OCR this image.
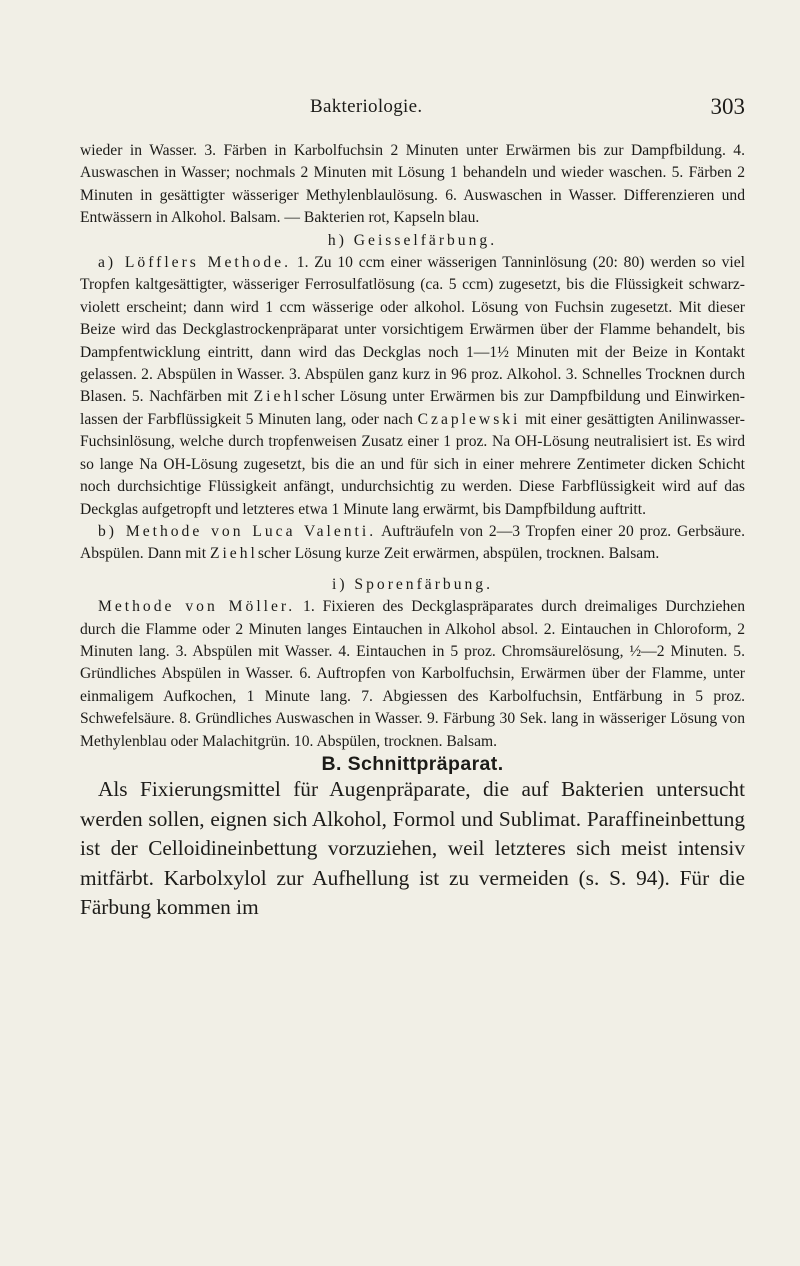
Bakteriologie.	303

wieder in Wasser. 3. Färben in Karbolfuchsin 2 Minuten unter Erwärmen bis zur Dampfbildung. 4. Auswaschen in Wasser; nochmals 2 Minuten mit Lösung 1 behandeln und wieder waschen. 5. Färben 2 Minuten in gesättigter wässeriger Methylenblaulösung. 6. Auswaschen in Wasser. Differenzieren und Entwässern in Alkohol. Balsam. — Bakterien rot, Kapseln blau.

h) Geisselfärbung.

a) Löfflers Methode. 1. Zu 10 ccm einer wässerigen Tanninlösung (20: 80) werden so viel Tropfen kaltgesättigter, wässeriger Ferrosulfatlösung (ca. 5 ccm) zugesetzt, bis die Flüssigkeit schwarz-violett erscheint; dann wird 1 ccm wässerige oder alkohol. Lösung von Fuchsin zugesetzt. Mit dieser Beize wird das Deckglastrockenpräparat unter vorsichtigem Erwärmen über der Flamme behandelt, bis Dampfentwicklung eintritt, dann wird das Deckglas noch 1—1½ Minuten mit der Beize in Kontakt gelassen. 2. Abspülen in Wasser. 3. Abspülen ganz kurz in 96 proz. Alkohol. 3. Schnelles Trocknen durch Blasen. 5. Nachfärben mit Ziehlscher Lösung unter Erwärmen bis zur Dampfbildung und Einwirkenlassen der Farbflüssigkeit 5 Minuten lang, oder nach Czaplewski mit einer gesättigten Anilinwasser-Fuchsinlösung, welche durch tropfenweisen Zusatz einer 1 proz. Na OH-Lösung neutralisiert ist. Es wird so lange Na OH-Lösung zugesetzt, bis die an und für sich in einer mehrere Zentimeter dicken Schicht noch durchsichtige Flüssigkeit anfängt, undurchsichtig zu werden. Diese Farbflüssigkeit wird auf das Deckglas aufgetropft und letzteres etwa 1 Minute lang erwärmt, bis Dampfbildung auftritt.

b) Methode von Luca Valenti. Aufträufeln von 2—3 Tropfen einer 20 proz. Gerbsäure. Abspülen. Dann mit Ziehlscher Lösung kurze Zeit erwärmen, abspülen, trocknen. Balsam.

i) Sporenfärbung.

Methode von Möller. 1. Fixieren des Deckglaspräparates durch dreimaliges Durchziehen durch die Flamme oder 2 Minuten langes Eintauchen in Alkohol absol. 2. Eintauchen in Chloroform, 2 Minuten lang. 3. Abspülen mit Wasser. 4. Eintauchen in 5 proz. Chromsäurelösung, ½—2 Minuten. 5. Gründliches Abspülen in Wasser. 6. Auftropfen von Karbolfuchsin, Erwärmen über der Flamme, unter einmaligem Aufkochen, 1 Minute lang. 7. Abgiessen des Karbolfuchsin, Entfärbung in 5 proz. Schwefelsäure. 8. Gründliches Auswaschen in Wasser. 9. Färbung 30 Sek. lang in wässeriger Lösung von Methylenblau oder Malachitgrün. 10. Abspülen, trocknen. Balsam.

B. Schnittpräparat.

Als Fixierungsmittel für Augenpräparate, die auf Bakterien untersucht werden sollen, eignen sich Alkohol, Formol und Sublimat. Paraffineinbettung ist der Celloidineinbettung vorzuziehen, weil letzteres sich meist intensiv mitfärbt. Karbolxylol zur Aufhellung ist zu vermeiden (s. S. 94). Für die Färbung kommen im
